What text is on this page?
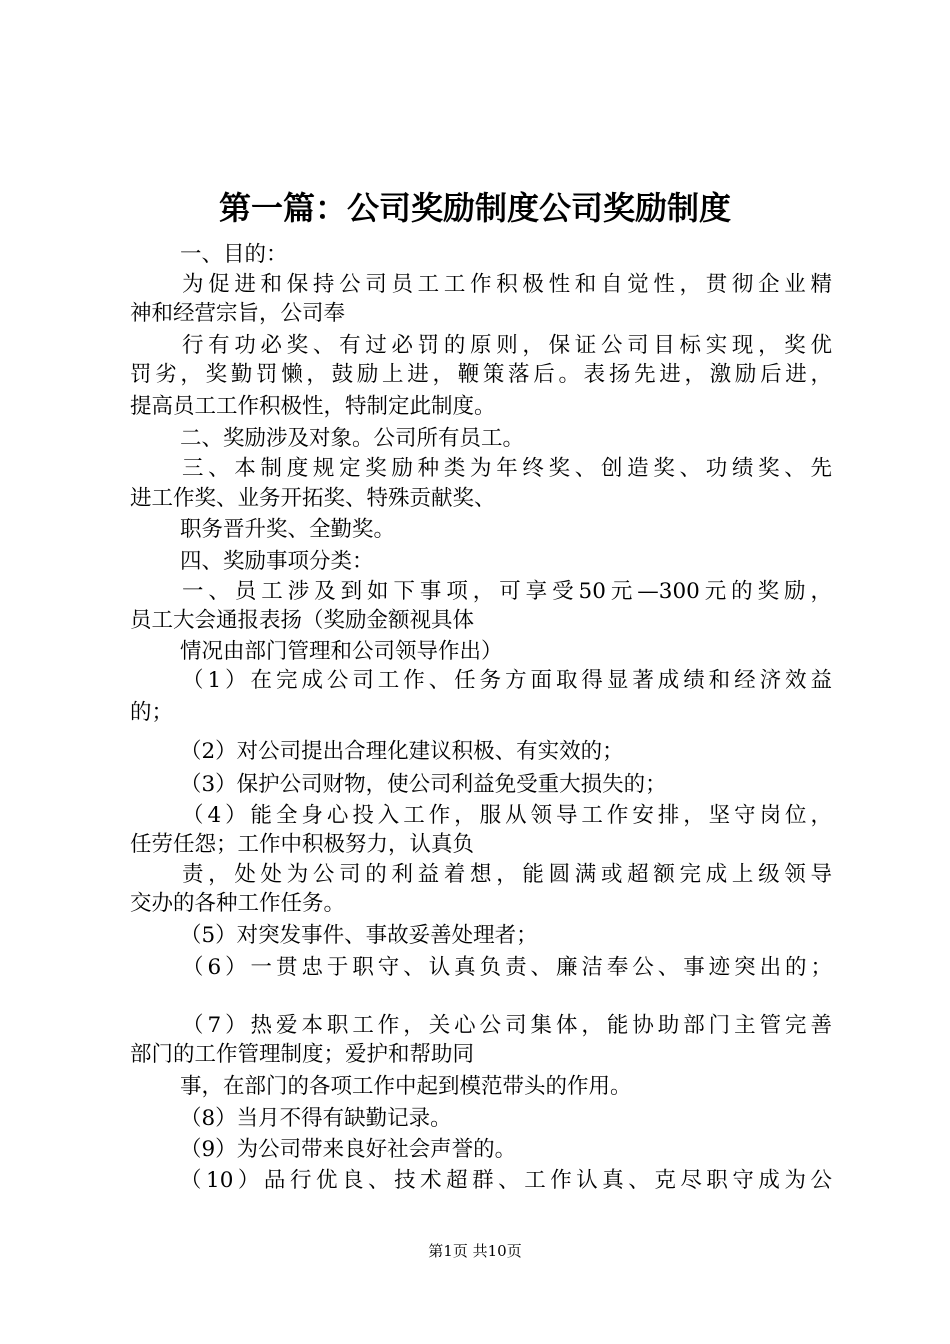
第一篇：公司奖励制度公司奖励制度
一、目的：
为促进和保持公司员工工作积极性和自觉性，贯彻企业精
神和经营宗旨，公司奉
行有功必奖、有过必罚的原则，保证公司目标实现，奖优
罚劣，奖勤罚懒，鼓励上进，鞭策落后。表扬先进，激励后进，
提高员工工作积极性，特制定此制度。
二、奖励涉及对象。公司所有员工。
三、本制度规定奖励种类为年终奖、创造奖、功绩奖、先
进工作奖、业务开拓奖、特殊贡献奖、
职务晋升奖、全勤奖。
四、奖励事项分类：
一、员工涉及到如下事项，可享受50元—300元的奖励，
员工大会通报表扬（奖励金额视具体
情况由部门管理和公司领导作出）
（1）在完成公司工作、任务方面取得显著成绩和经济效益
的；
（2）对公司提出合理化建议积极、有实效的；
（3）保护公司财物，使公司利益免受重大损失的；
（4）能全身心投入工作，服从领导工作安排，坚守岗位，
任劳任怨；工作中积极努力，认真负
责，处处为公司的利益着想，能圆满或超额完成上级领导
交办的各种工作任务。
（5）对突发事件、事故妥善处理者；
（6）一贯忠于职守、认真负责、廉洁奉公、事迹突出的；
（7）热爱本职工作，关心公司集体，能协助部门主管完善
部门的工作管理制度；爱护和帮助同
事，在部门的各项工作中起到模范带头的作用。
（8）当月不得有缺勤记录。
（9）为公司带来良好社会声誉的。
（10）品行优良、技术超群、工作认真、克尽职守成为公
第1页 共10页
